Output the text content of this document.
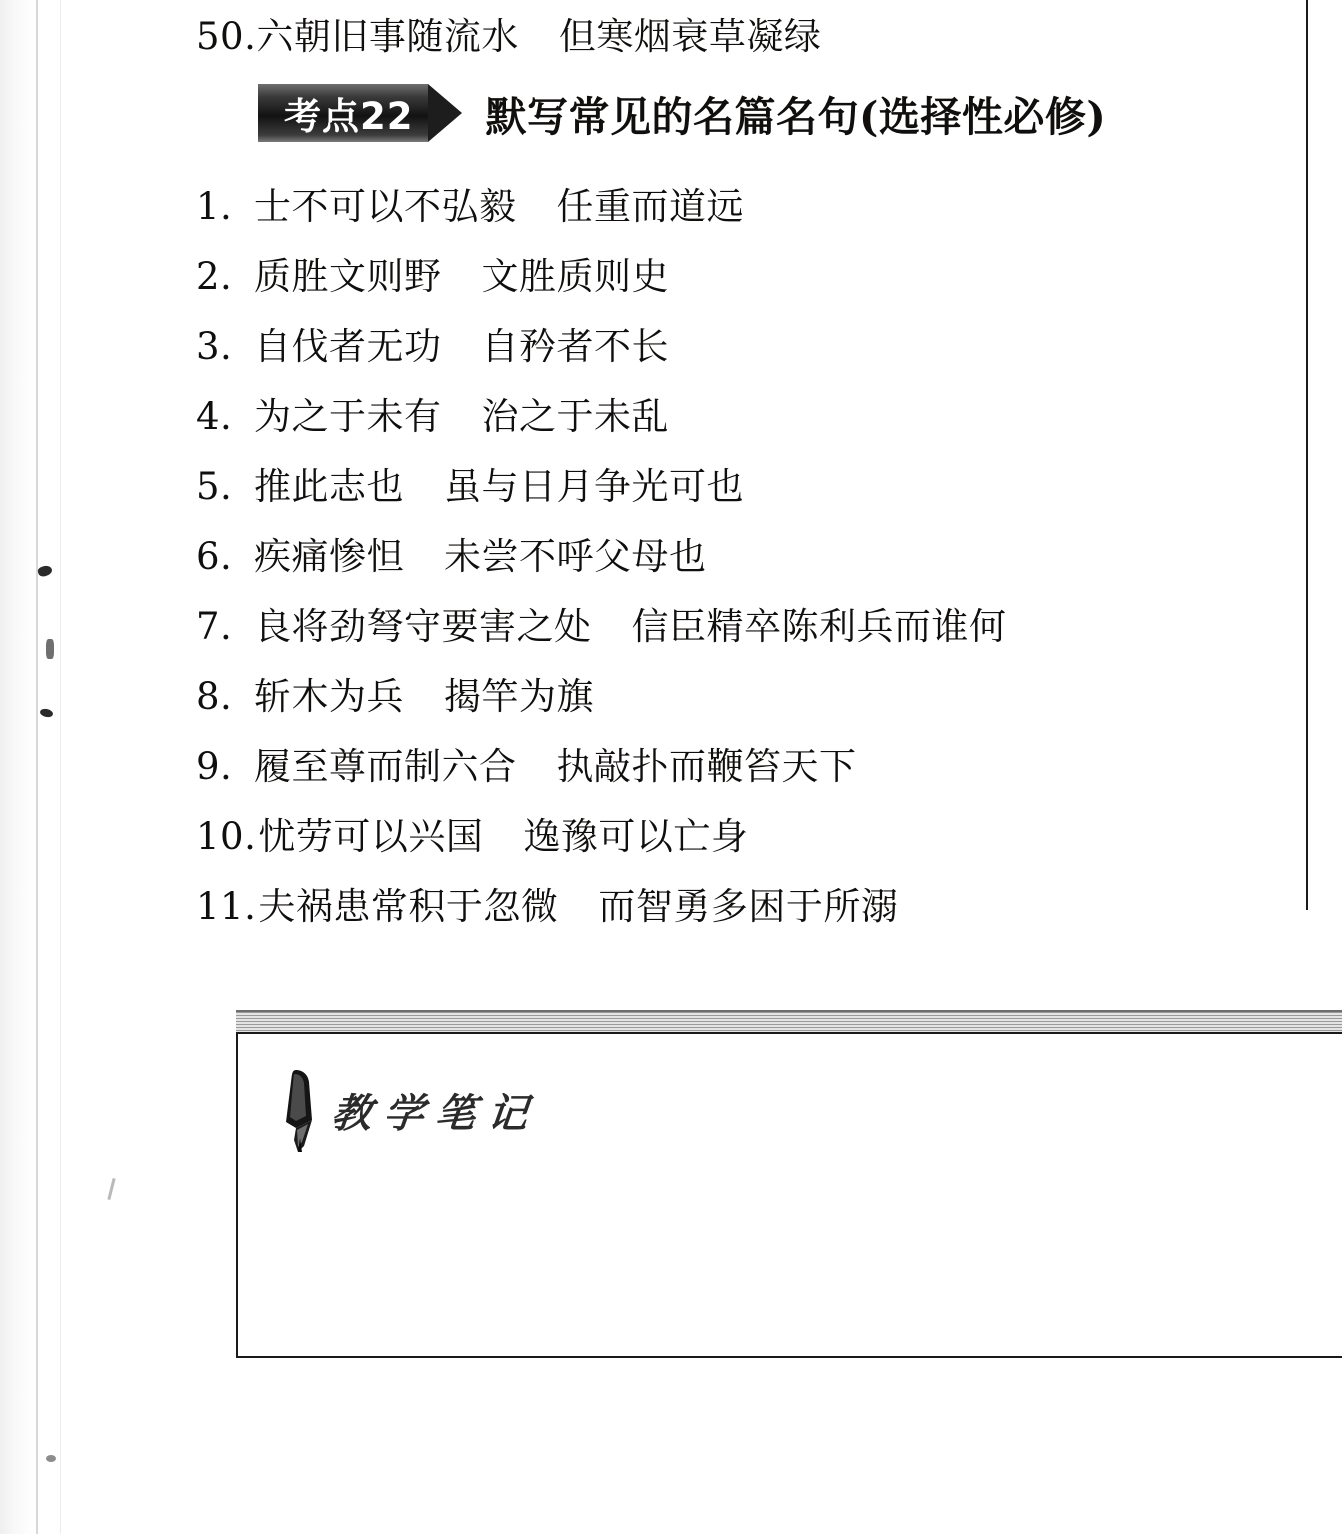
50.六朝旧事随流水 但寒烟衰草凝绿
考点22 默写常见的名篇名句(选择性必修)
1. 士不可以不弘毅 任重而道远
2. 质胜文则野 文胜质则史
3. 自伐者无功 自矜者不长
4. 为之于未有 治之于未乱
5. 推此志也 虽与日月争光可也
6. 疾痛惨怛 未尝不呼父母也
7. 良将劲弩守要害之处 信臣精卒陈利兵而谁何
8. 斩木为兵 揭竿为旗
9. 履至尊而制六合 执敲扑而鞭笞天下
10. 忧劳可以兴国 逸豫可以亡身
11. 夫祸患常积于忽微 而智勇多困于所溺
教学笔记
